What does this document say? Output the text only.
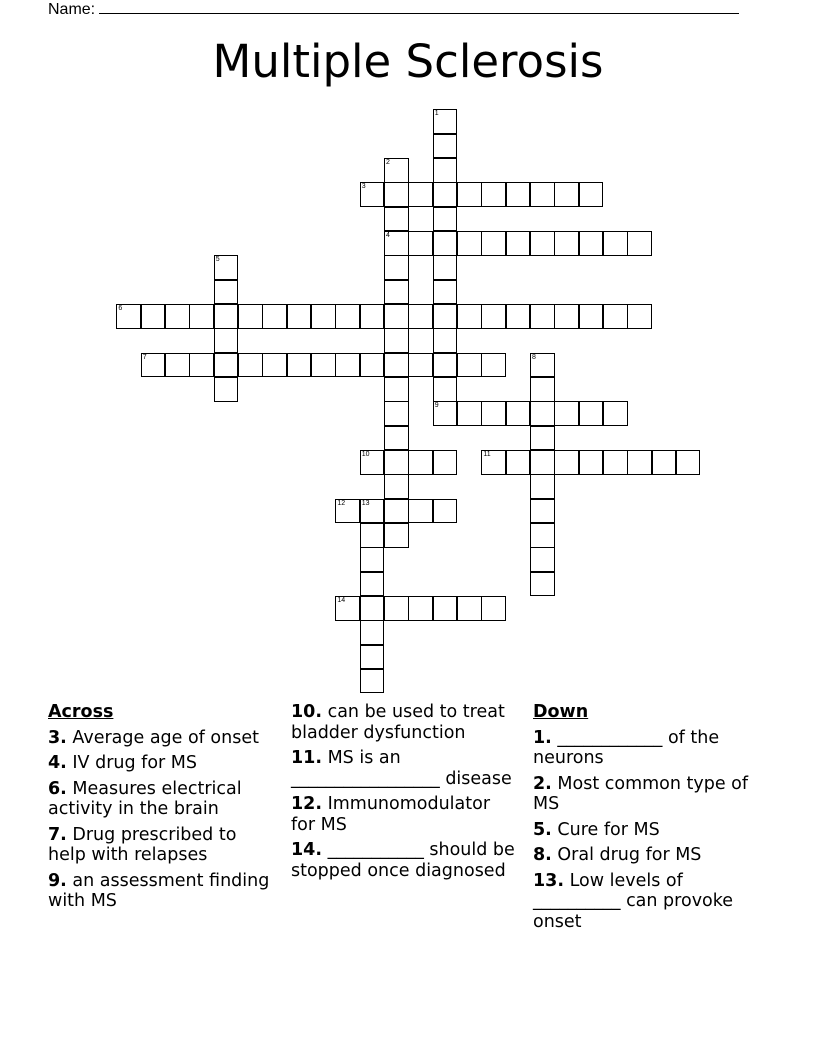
Name:
Multiple Sclerosis
1
2
3
4
5
6
7	8
9
10	11
12 13
14
Across
3. Average age of onset
4. IV drug for MS
6. Measures electrical activity in the brain
7. Drug prescribed to help with relapses
9. an assessment finding with MS
10. can be used to treat bladder dysfunction
11. MS is an _________________ disease
12. Immunomodulator for MS
14. ___________ should be stopped once diagnosed
Down
1. ____________ of the neurons
2. Most common type of MS
5. Cure for MS
8. Oral drug for MS
13. Low levels of __________ can provoke onset
